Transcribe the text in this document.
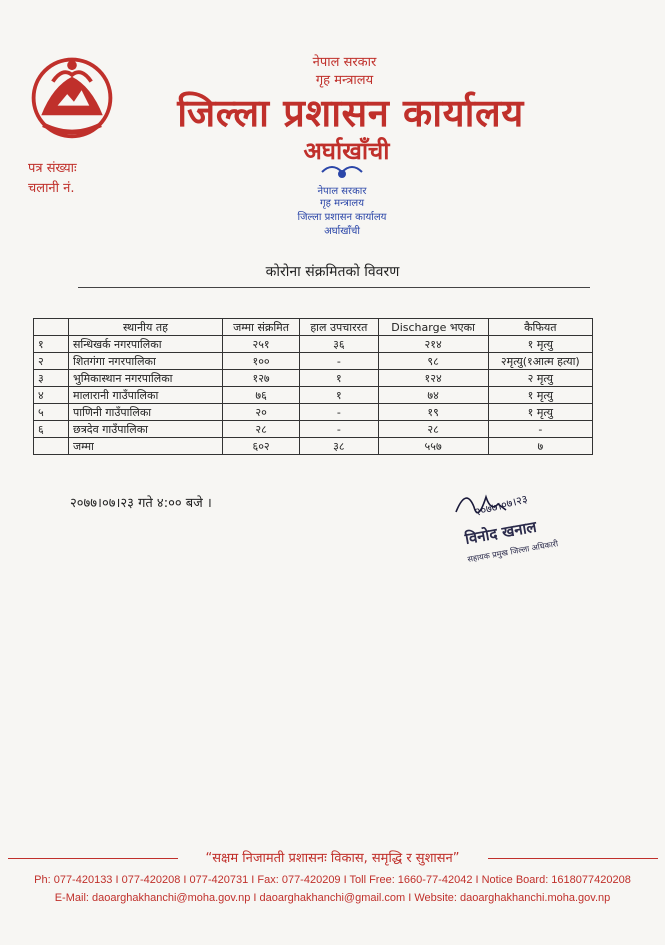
नेपाल सरकार
गृह मन्त्रालय
जिल्ला प्रशासन कार्यालय
अर्घाखाँची
पत्र संख्याः
चलानी नं.	नेपाल सरकार
गृह मन्त्रालय
जिल्ला प्रशासन कार्यालय
अर्घाखाँची
कोरोना संक्रमितको विवरण
	स्थानीय तह	जम्मा संक्रमित	हाल उपचाररत	Discharge भएका	कैफियत
१	सन्धिखर्क नगरपालिका	२५१	३६	२१४	१ मृत्यु
२	शितगंगा नगरपालिका	१००	-	९८	२मृत्यु(१आत्म हत्या)
३	भुमिकास्थान नगरपालिका	१२७	१	१२४	२ मृत्यु
४	मालारानी गाउँपालिका	७६	१	७४	१ मृत्यु
५	पाणिनी गाउँपालिका	२०	-	१९	१ मृत्यु
६	छत्रदेव गाउँपालिका	२८	-	२८	-
	जम्मा	६०२	३८	५५७	७
२०७७।०७।२३ गते ४:०० बजे ।	२०७७।०७।२३
विनोद खनाल
सहायक प्रमुख जिल्ला अधिकारी
“सक्षम निजामती प्रशासनः विकास, समृद्धि र सुशासन”
Ph: 077-420133 I 077-420208 I 077-420731 I Fax: 077-420209 I Toll Free: 1660-77-42042 I Notice Board: 1618077420208
E-Mail: daoarghakhanchi@moha.gov.np I daoarghakhanchi@gmail.com I Website: daoarghakhanchi.moha.gov.np
